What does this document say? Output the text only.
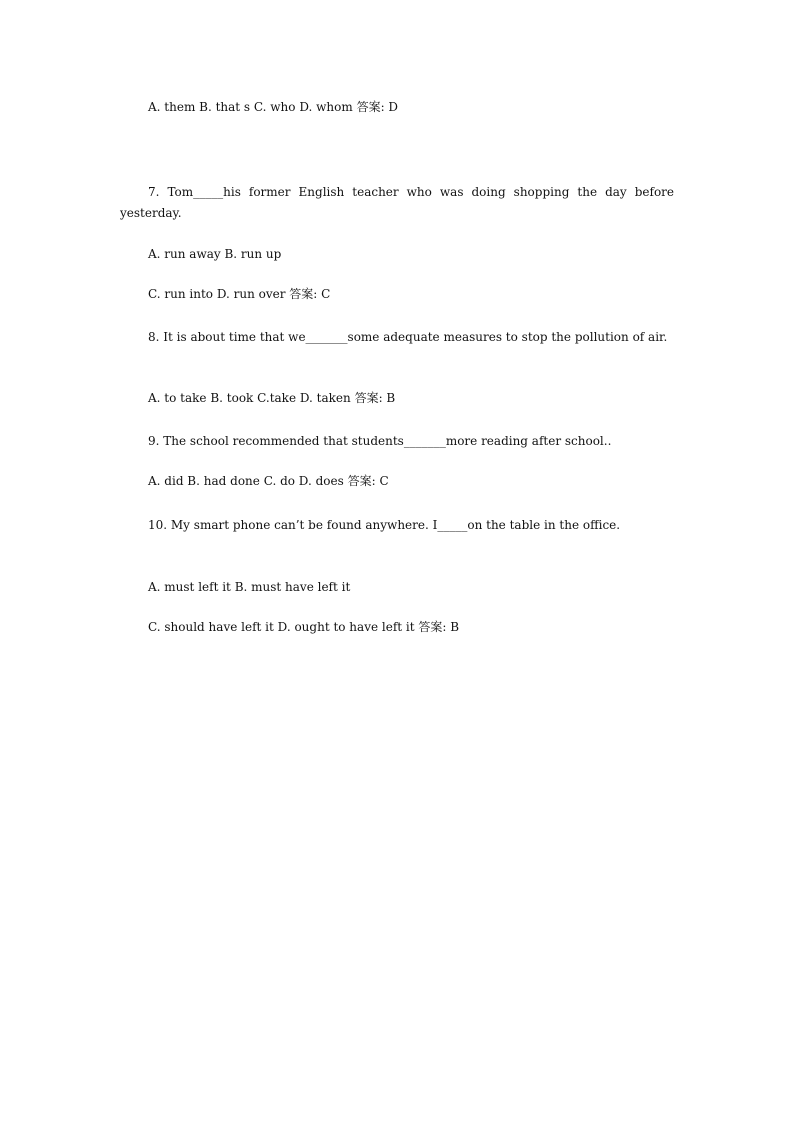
A. them B. that s C. who D. whom 答案: D
7. Tom_____his former English teacher who was doing shopping the day before yesterday.
A. run away B. run up
C. run into D. run over 答案: C
8. It is about time that we_______some adequate measures to stop the pollution of air.
A. to take B. took C.take D. taken 答案: B
9. The school recommended that students_______more reading after school..
A. did B. had done C. do D. does 答案: C
10. My smart phone can’t be found anywhere. I_____on the table in the office.
A. must left it B. must have left it
C. should have left it D. ought to have left it 答案: B
